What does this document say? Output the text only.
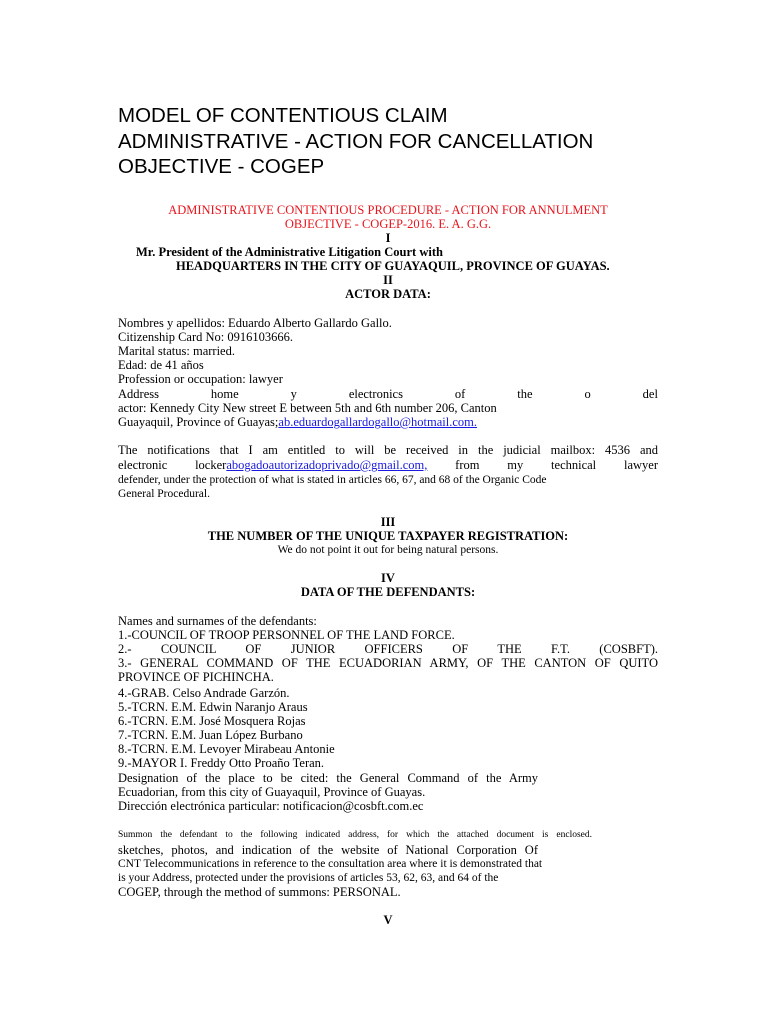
MODEL OF CONTENTIOUS CLAIM
ADMINISTRATIVE - ACTION FOR CANCELLATION
OBJECTIVE - COGEP
ADMINISTRATIVE CONTENTIOUS PROCEDURE - ACTION FOR ANNULMENT
OBJECTIVE - COGEP-2016. E. A. G.G.
I
Mr. President of the Administrative Litigation Court with
HEADQUARTERS IN THE CITY OF GUAYAQUIL, PROVINCE OF GUAYAS.
II
ACTOR DATA:
Nombres y apellidos: Eduardo Alberto Gallardo Gallo.
Citizenship Card No: 0916103666.
Marital status: married.
Edad: de 41 años
Profession or occupation: lawyer
Address	home	y	electronics	of	the	o	del
actor: Kennedy City New street E between 5th and 6th number 206, Canton
Guayaquil, Province of Guayas;ab.eduardogallardogallo@hotmail.com.
The notifications that I am entitled to will be received in the judicial mailbox: 4536 and
electronic lockerabogadoautorizadoprivado@gmail.com, from my technical lawyer
defender, under the protection of what is stated in articles 66, 67, and 68 of the Organic Code
General Procedural.
III
THE NUMBER OF THE UNIQUE TAXPAYER REGISTRATION:
We do not point it out for being natural persons.
IV
DATA OF THE DEFENDANTS:
Names and surnames of the defendants:
1.-COUNCIL OF TROOP PERSONNEL OF THE LAND FORCE.
2.- COUNCIL OF JUNIOR OFFICERS OF THE F.T. (COSBFT).
3.- GENERAL COMMAND OF THE ECUADORIAN ARMY, OF THE CANTON OF QUITO
PROVINCE OF PICHINCHA.
4.-GRAB. Celso Andrade Garzón.
5.-TCRN. E.M. Edwin Naranjo Araus
6.-TCRN. E.M. José Mosquera Rojas
7.-TCRN. E.M. Juan López Burbano
8.-TCRN. E.M. Levoyer Mirabeau Antonie
9.-MAYOR I. Freddy Otto Proaño Teran.
Designation of the place to be cited: the General Command of the Army
Ecuadorian, from this city of Guayaquil, Province of Guayas.
Dirección electrónica particular: notificacion@cosbft.com.ec
Summon the defendant to the following indicated address, for which the attached document is enclosed.
sketches, photos, and indication of the website of National Corporation Of
CNT Telecommunications in reference to the consultation area where it is demonstrated that
is your Address, protected under the provisions of articles 53, 62, 63, and 64 of the
COGEP, through the method of summons: PERSONAL.
V
